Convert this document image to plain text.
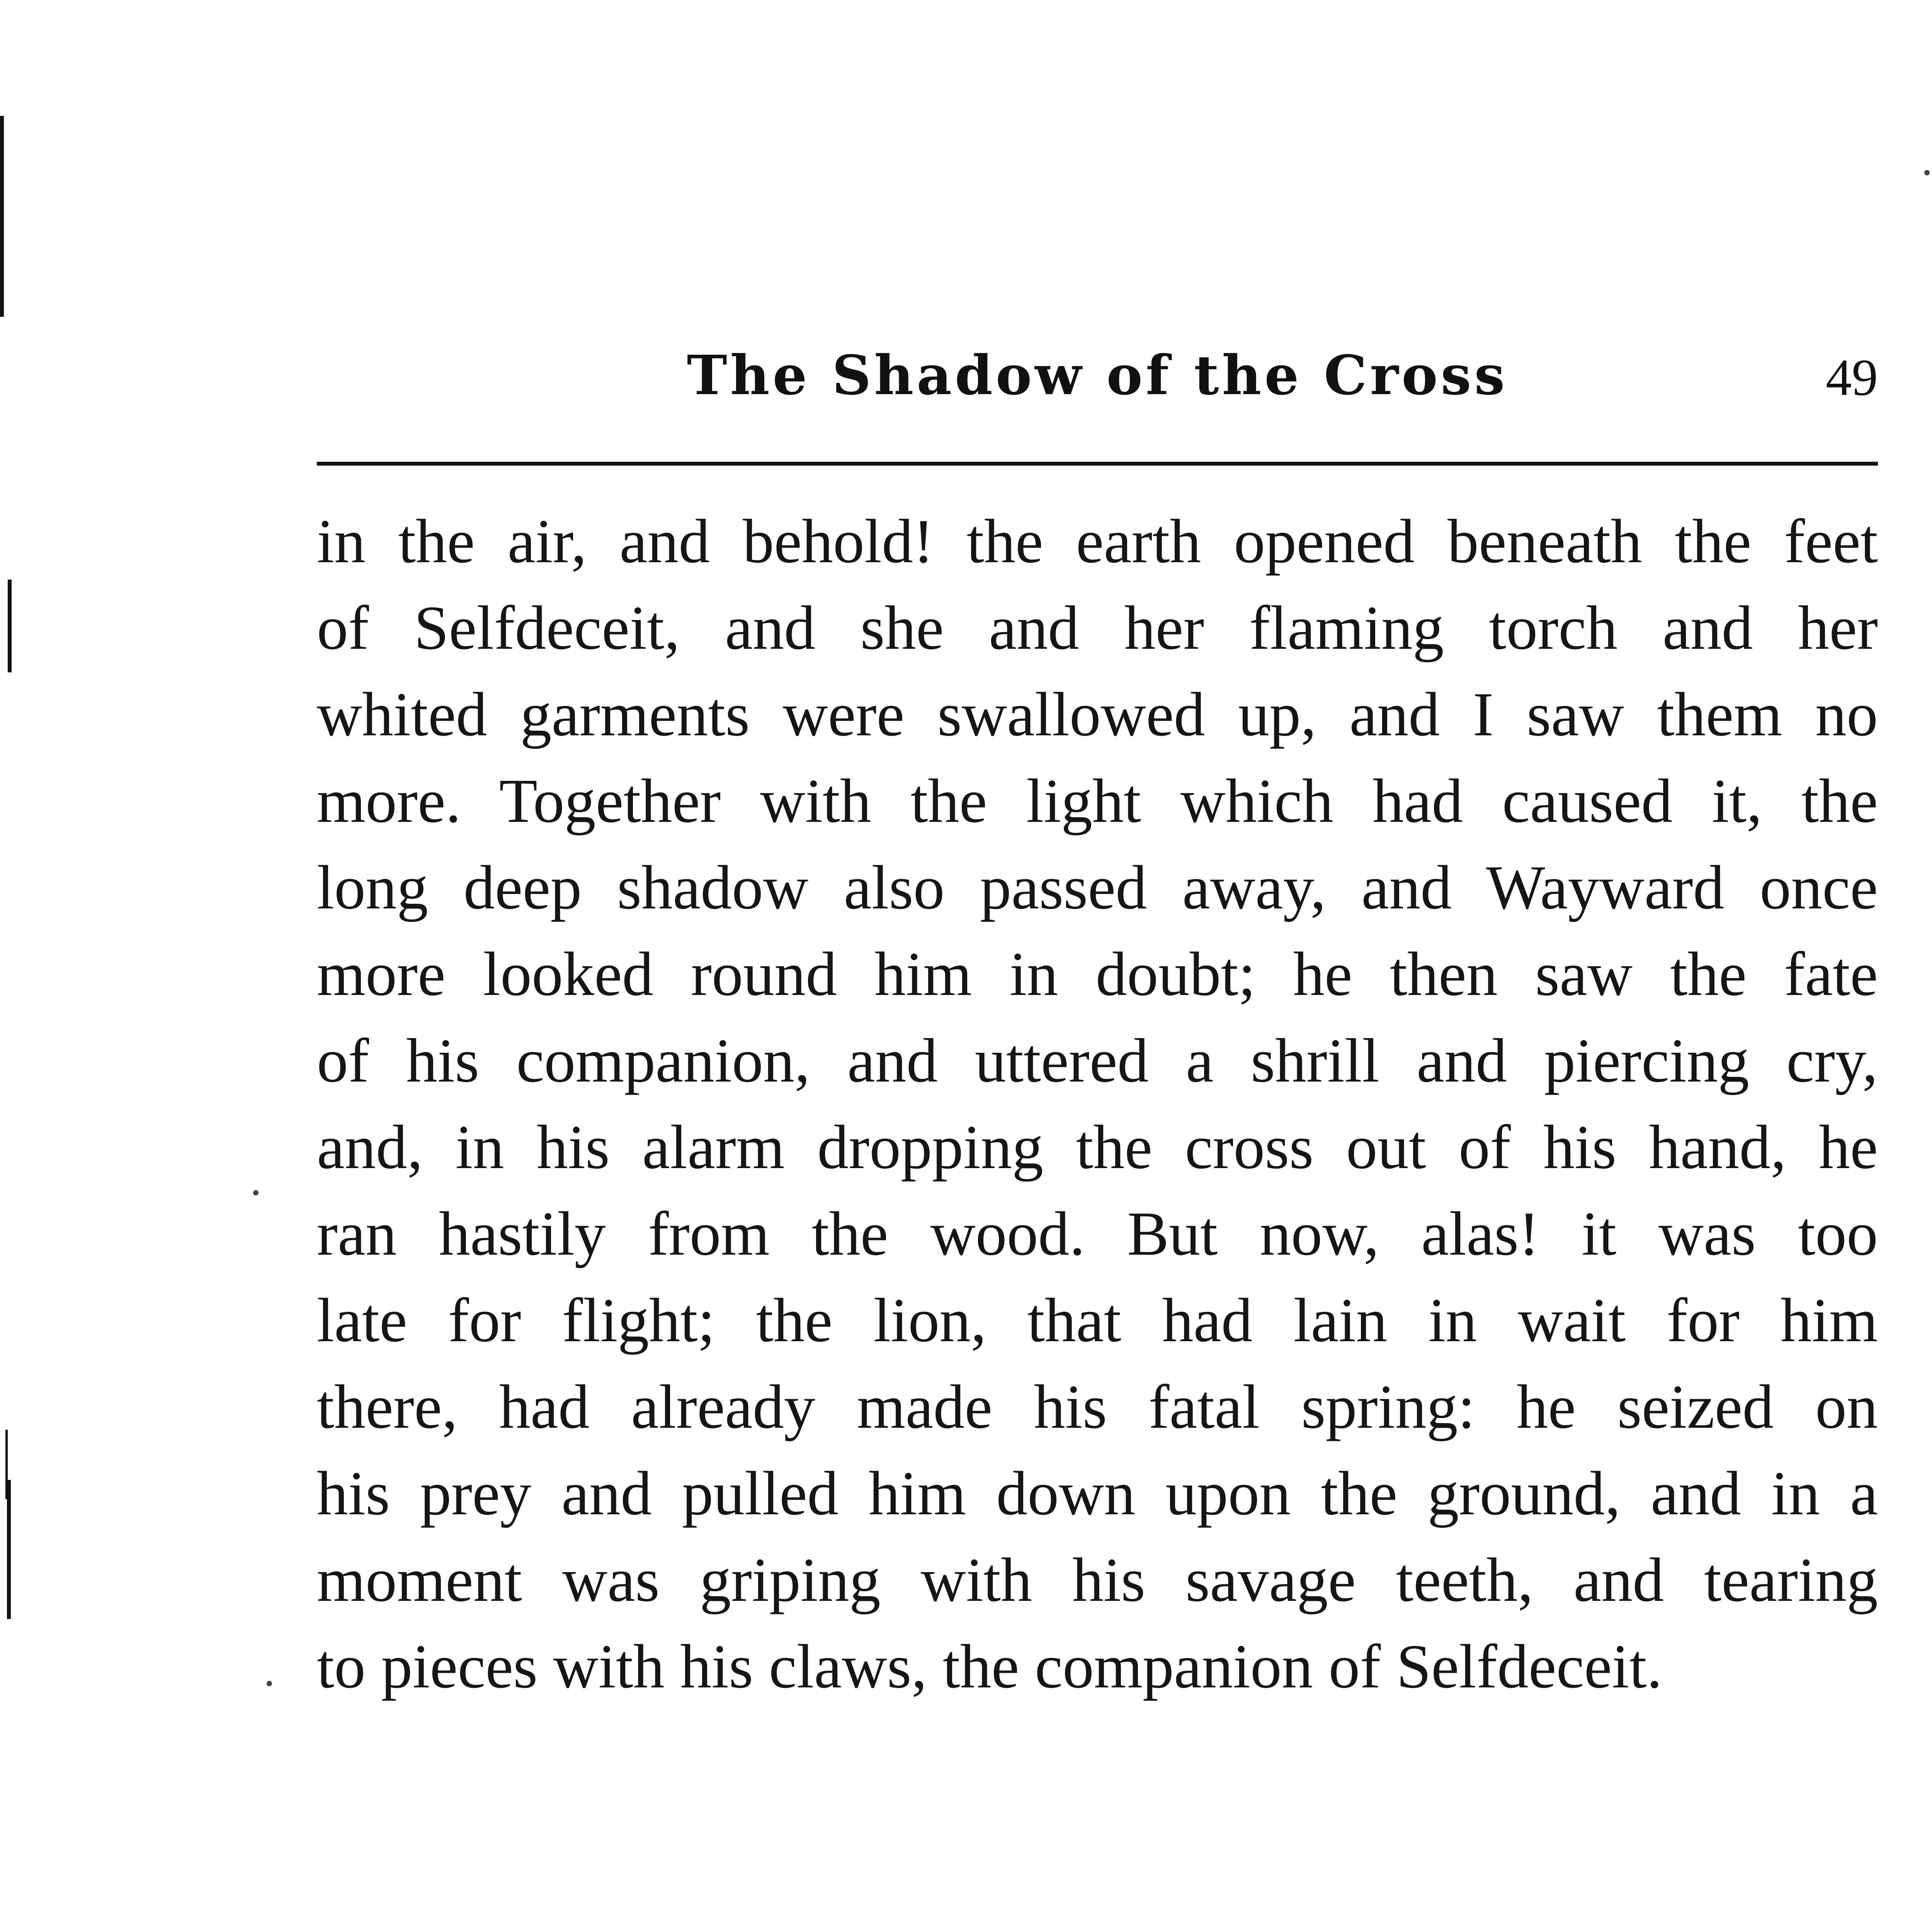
The Shadow of the Cross	49
in the air, and behold! the earth opened beneath the feet
of Selfdeceit, and she and her flaming torch and her
whited garments were swallowed up, and I saw them no
more. Together with the light which had caused it, the
long deep shadow also passed away, and Wayward once
more looked round him in doubt; he then saw the fate
of his companion, and uttered a shrill and piercing cry,
and, in his alarm dropping the cross out of his hand, he
ran hastily from the wood. But now, alas! it was too
late for flight; the lion, that had lain in wait for him
there, had already made his fatal spring: he seized on
his prey and pulled him down upon the ground, and in a
moment was griping with his savage teeth, and tearing
to pieces with his claws, the companion of Selfdeceit.
